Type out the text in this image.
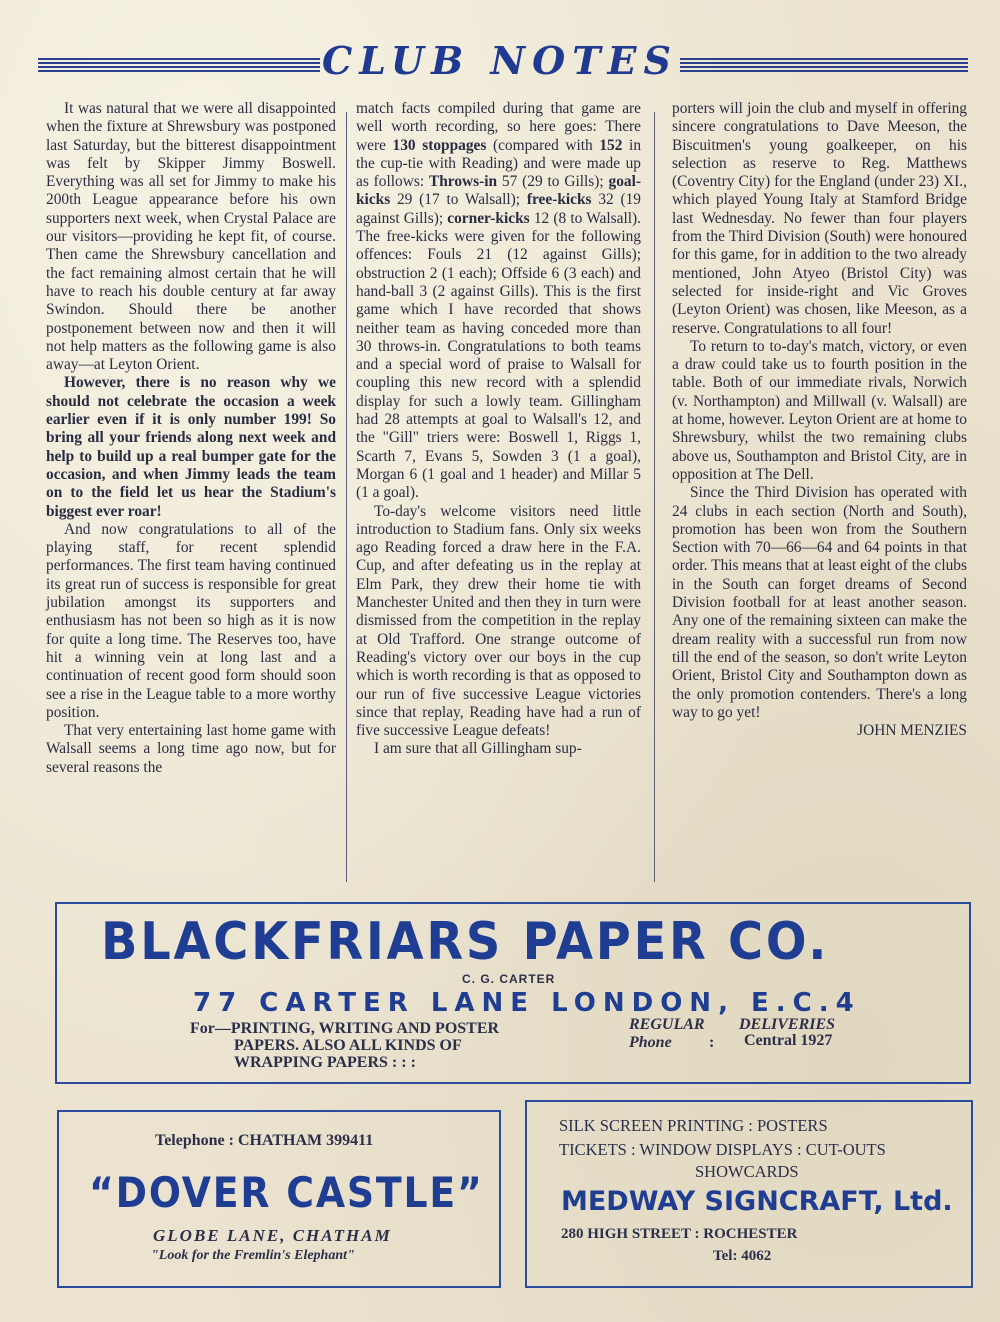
CLUB NOTES

It was natural that we were all disappointed when the fixture at Shrewsbury was postponed last Saturday, but the bitterest disappointment was felt by Skipper Jimmy Boswell. Everything was all set for Jimmy to make his 200th League appearance before his own supporters next week, when Crystal Palace are our visitors—providing he kept fit, of course. Then came the Shrewsbury cancellation and the fact remaining almost certain that he will have to reach his double century at far away Swindon. Should there be another postponement between now and then it will not help matters as the following game is also away—at Leyton Orient.

However, there is no reason why we should not celebrate the occasion a week earlier even if it is only number 199! So bring all your friends along next week and help to build up a real bumper gate for the occasion, and when Jimmy leads the team on to the field let us hear the Stadium's biggest ever roar!

And now congratulations to all of the playing staff, for recent splendid performances. The first team having continued its great run of success is responsible for great jubilation amongst its supporters and enthusiasm has not been so high as it is now for quite a long time. The Reserves too, have hit a winning vein at long last and a continuation of recent good form should soon see a rise in the League table to a more worthy position.

That very entertaining last home game with Walsall seems a long time ago now, but for several reasons the

match facts compiled during that game are well worth recording, so here goes: There were 130 stoppages (compared with 152 in the cup-tie with Reading) and were made up as follows: Throws-in 57 (29 to Gills); goal-kicks 29 (17 to Walsall); free-kicks 32 (19 against Gills); corner-kicks 12 (8 to Walsall). The free-kicks were given for the following offences: Fouls 21 (12 against Gills); obstruction 2 (1 each); Offside 6 (3 each) and hand-ball 3 (2 against Gills). This is the first game which I have recorded that shows neither team as having conceded more than 30 throws-in. Congratulations to both teams and a special word of praise to Walsall for coupling this new record with a splendid display for such a lowly team. Gillingham had 28 attempts at goal to Walsall's 12, and the "Gill" triers were: Boswell 1, Riggs 1, Scarth 7, Evans 5, Sowden 3 (1 a goal), Morgan 6 (1 goal and 1 header) and Millar 5 (1 a goal).

To-day's welcome visitors need little introduction to Stadium fans. Only six weeks ago Reading forced a draw here in the F.A. Cup, and after defeating us in the replay at Elm Park, they drew their home tie with Manchester United and then they in turn were dismissed from the competition in the replay at Old Trafford. One strange outcome of Reading's victory over our boys in the cup which is worth recording is that as opposed to our run of five successive League victories since that replay, Reading have had a run of five successive League defeats!

I am sure that all Gillingham sup-

porters will join the club and myself in offering sincere congratulations to Dave Meeson, the Biscuitmen's young goalkeeper, on his selection as reserve to Reg. Matthews (Coventry City) for the England (under 23) XI., which played Young Italy at Stamford Bridge last Wednesday. No fewer than four players from the Third Division (South) were honoured for this game, for in addition to the two already mentioned, John Atyeo (Bristol City) was selected for inside-right and Vic Groves (Leyton Orient) was chosen, like Meeson, as a reserve. Congratulations to all four!

To return to to-day's match, victory, or even a draw could take us to fourth position in the table. Both of our immediate rivals, Norwich (v. Northampton) and Millwall (v. Walsall) are at home, however. Leyton Orient are at home to Shrewsbury, whilst the two remaining clubs above us, Southampton and Bristol City, are in opposition at The Dell.

Since the Third Division has operated with 24 clubs in each section (North and South), promotion has been won from the Southern Section with 70—66—64 and 64 points in that order. This means that at least eight of the clubs in the South can forget dreams of Second Division football for at least another season. Any one of the remaining sixteen can make the dream reality with a successful run from now till the end of the season, so don't write Leyton Orient, Bristol City and Southampton down as the only promotion contenders. There's a long way to go yet!

JOHN MENZIES

BLACKFRIARS PAPER CO.
C. G. CARTER
77 CARTER LANE LONDON, E.C.4
For—PRINTING, WRITING AND POSTER
PAPERS. ALSO ALL KINDS OF
WRAPPING PAPERS : : :
REGULAR DELIVERIES
Phone : Central 1927
Telephone : CHATHAM 399411
“DOVER CASTLE”
GLOBE LANE, CHATHAM
"Look for the Fremlin's Elephant"
SILK SCREEN PRINTING : POSTERS
TICKETS : WINDOW DISPLAYS : CUT-OUTS
SHOWCARDS
MEDWAY SIGNCRAFT, Ltd.
280 HIGH STREET : ROCHESTER
Tel: 4062
